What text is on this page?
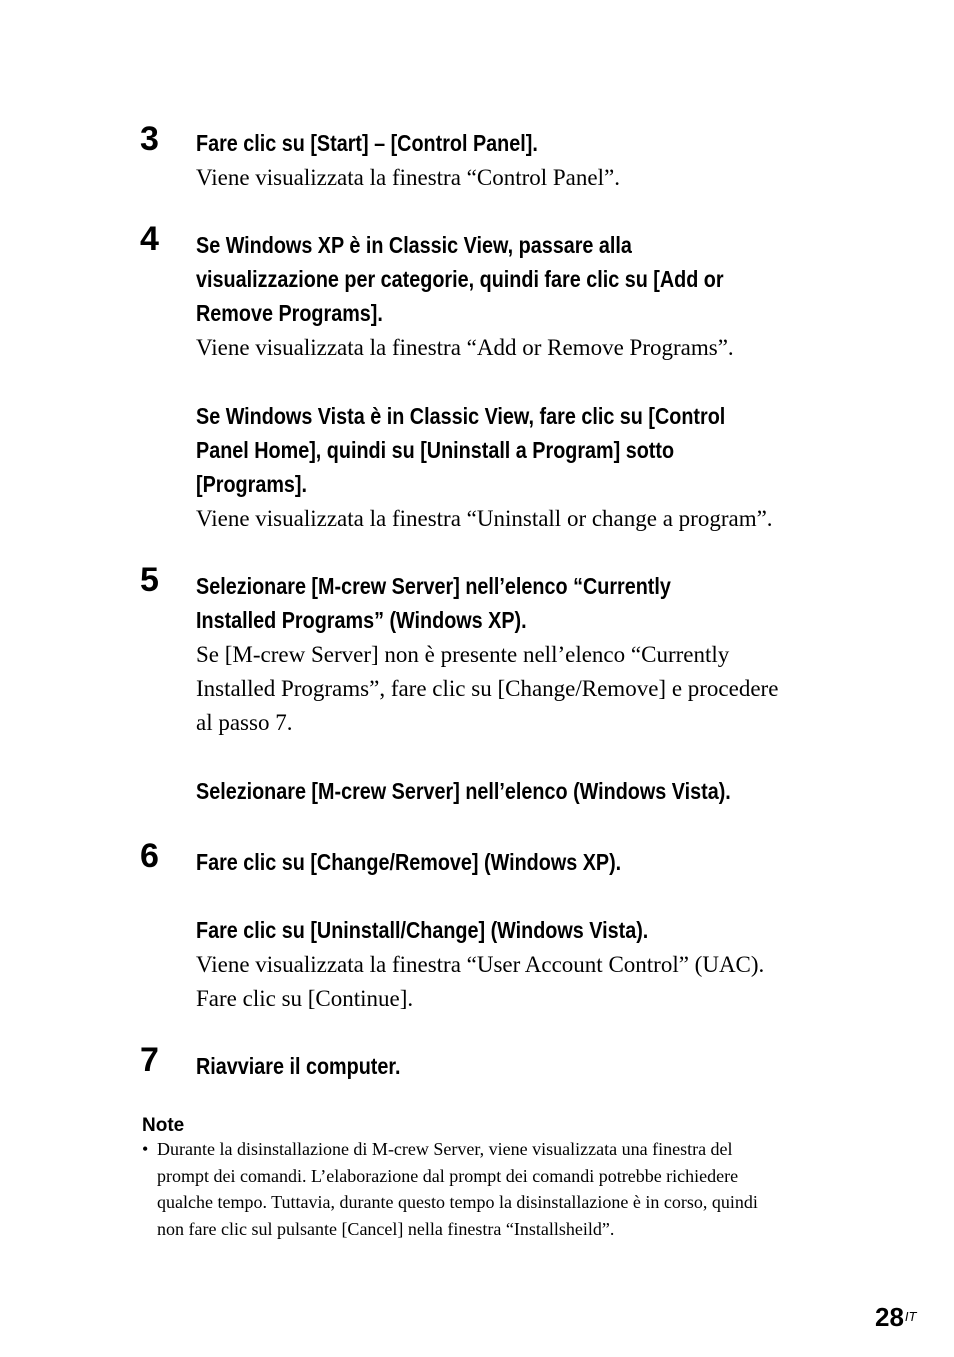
3 Fare clic su [Start] – [Control Panel].

Viene visualizzata la finestra “Control Panel”.

4 Se Windows XP è in Classic View, passare alla
visualizzazione per categorie, quindi fare clic su [Add or
Remove Programs].

Viene visualizzata la finestra “Add or Remove Programs”.

Se Windows Vista è in Classic View, fare clic su [Control
Panel Home], quindi su [Uninstall a Program] sotto
[Programs].

Viene visualizzata la finestra “Uninstall or change a program”.

5 Selezionare [M-crew Server] nell’elenco “Currently
Installed Programs” (Windows XP).

Se [M-crew Server] non è presente nell’elenco “Currently
Installed Programs”, fare clic su [Change/Remove] e procedere
al passo 7.

Selezionare [M-crew Server] nell’elenco (Windows Vista).

6 Fare clic su [Change/Remove] (Windows XP).

Fare clic su [Uninstall/Change] (Windows Vista).

Viene visualizzata la finestra “User Account Control” (UAC).
Fare clic su [Continue].

7 Riavviare il computer.

Note

• Durante la disinstallazione di M-crew Server, viene visualizzata una finestra del
prompt dei comandi. L’elaborazione dal prompt dei comandi potrebbe richiedere
qualche tempo. Tuttavia, durante questo tempo la disinstallazione è in corso, quindi
non fare clic sul pulsante [Cancel] nella finestra “Installsheild”.

$28^{IT}$
